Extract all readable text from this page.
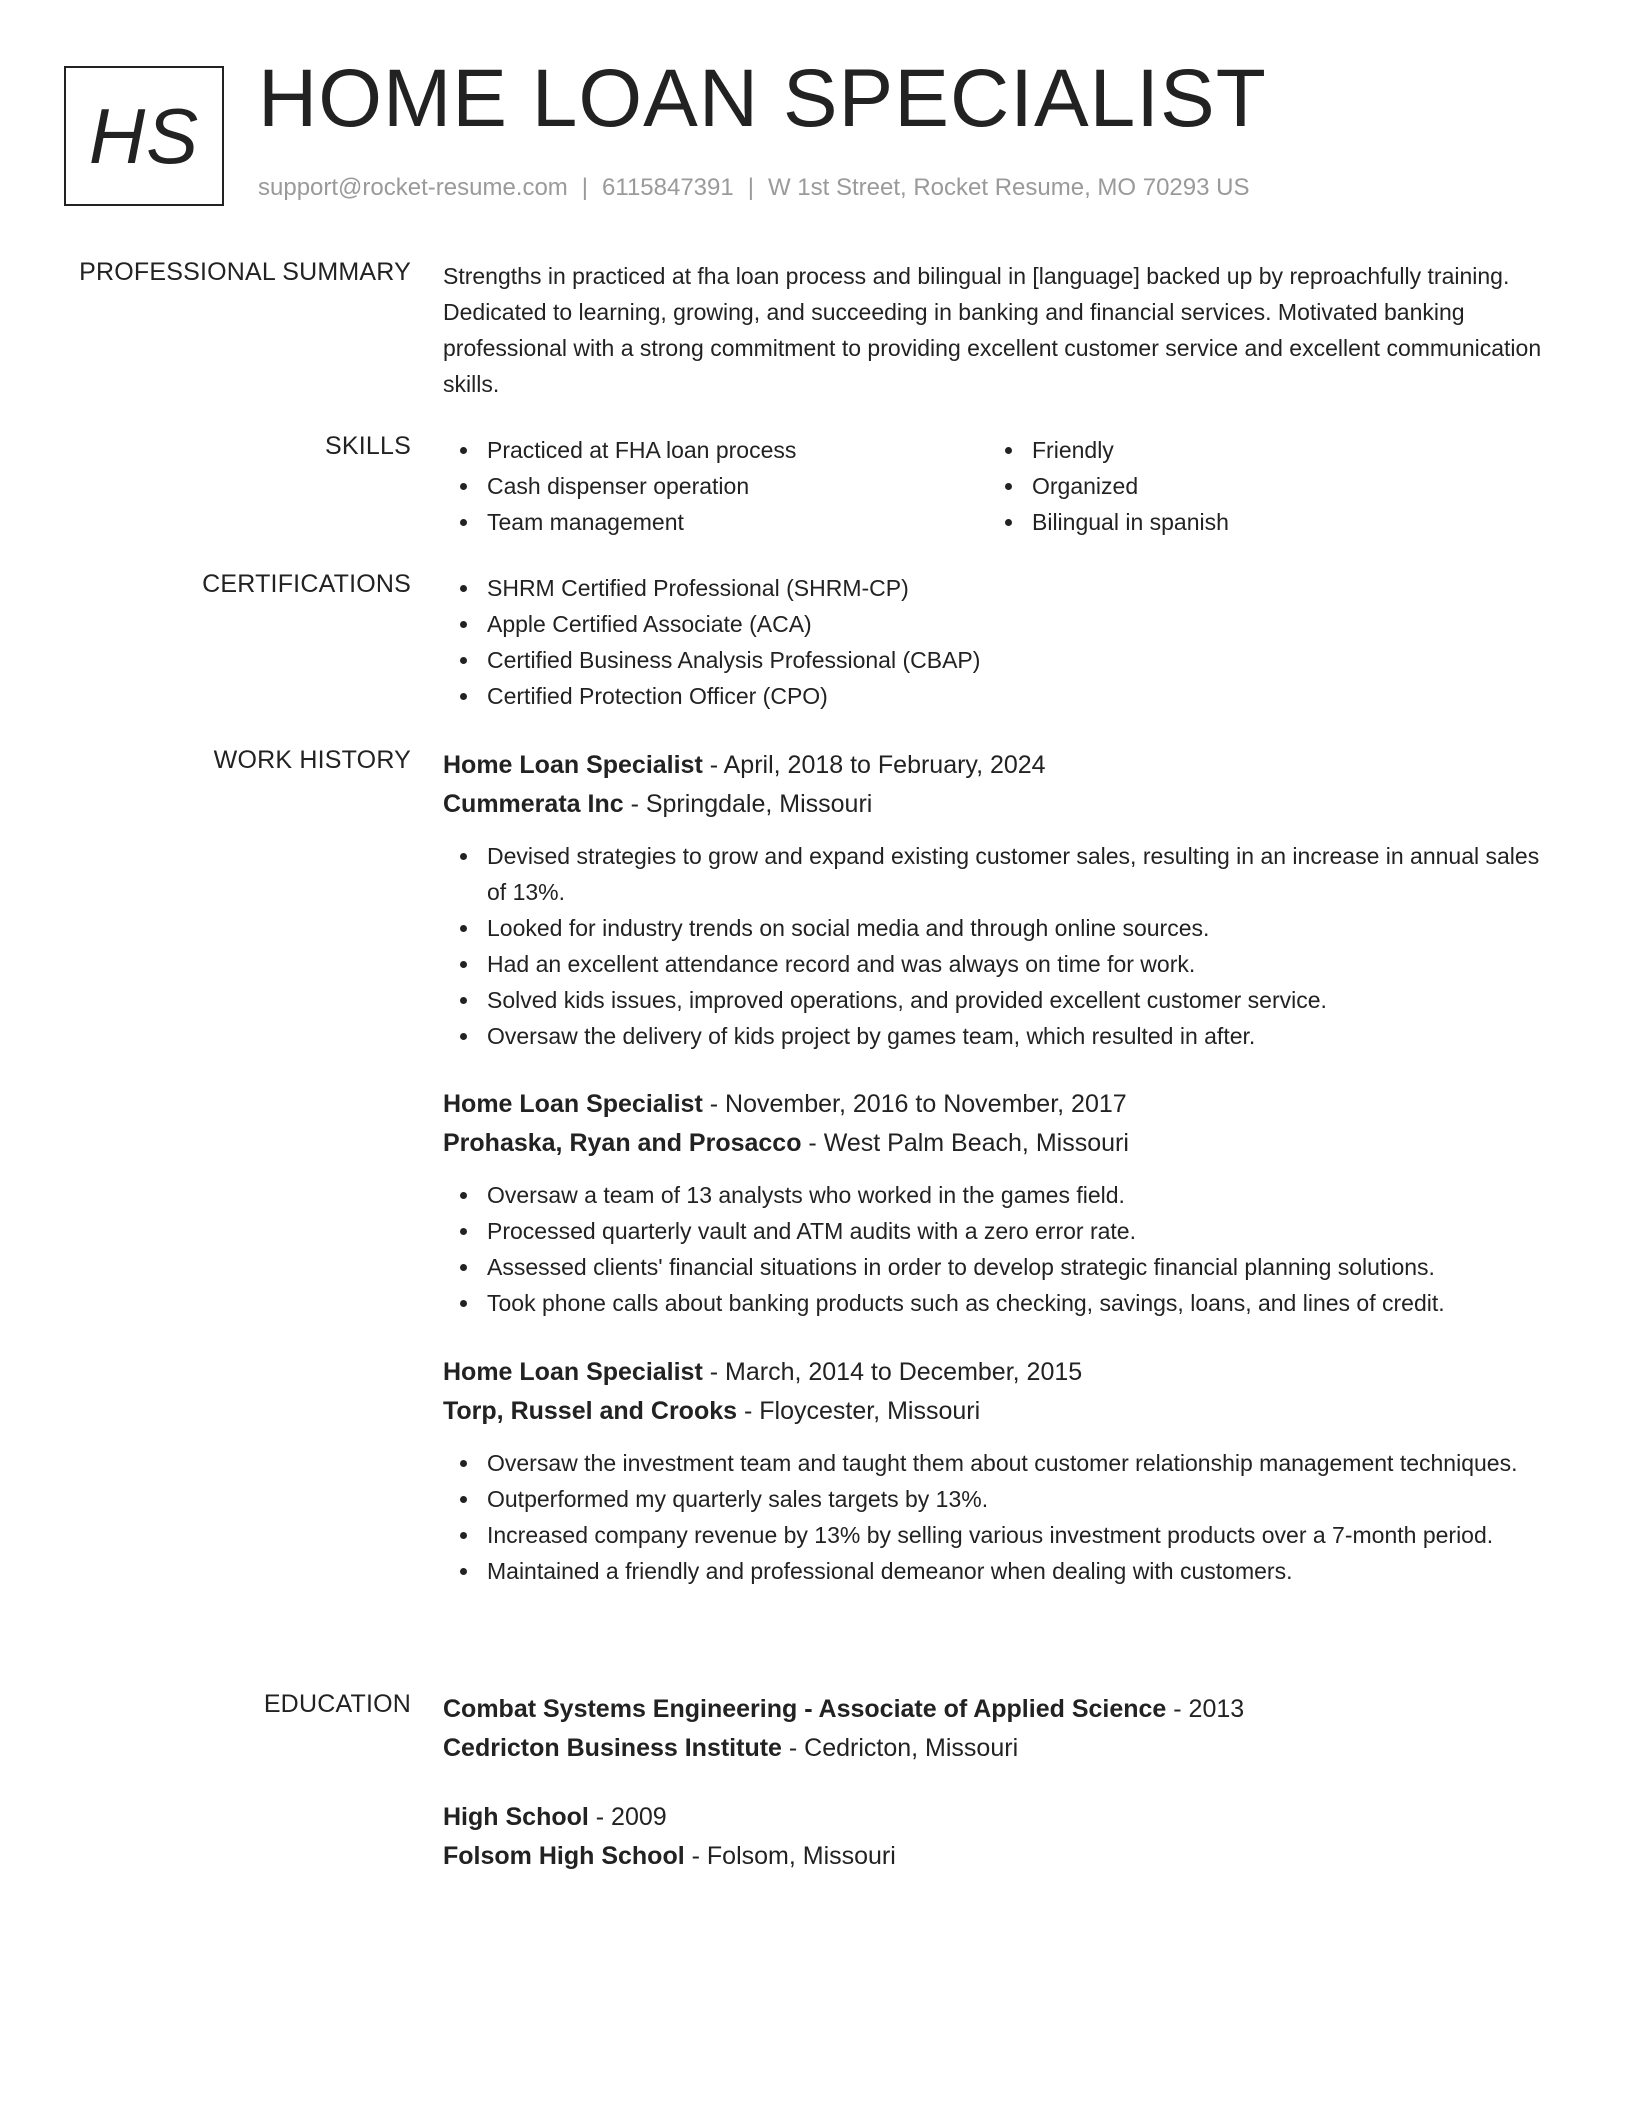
HS HOME LOAN SPECIALIST
support@rocket-resume.com | 6115847391 | W 1st Street, Rocket Resume, MO 70293 US
PROFESSIONAL SUMMARY Strengths in practiced at fha loan process and bilingual in [language] backed up by reproachfully training. Dedicated to learning, growing, and succeeding in banking and financial services. Motivated banking professional with a strong commitment to providing excellent customer service and excellent communication skills.

SKILLS	Practiced at FHA loan process
Cash dispenser operation
Team management
Friendly
Organized
Bilingual in spanish
CERTIFICATIONS	SHRM Certified Professional (SHRM-CP)
Apple Certified Associate (ACA)
Certified Business Analysis Professional (CBAP)
Certified Protection Officer (CPO)
WORK HISTORY Home Loan Specialist - April, 2018 to February, 2024
Cummerata Inc - Springdale, Missouri
Devised strategies to grow and expand existing customer sales, resulting in an increase in annual sales of 13%.
Looked for industry trends on social media and through online sources.
Had an excellent attendance record and was always on time for work.
Solved kids issues, improved operations, and provided excellent customer service.
Oversaw the delivery of kids project by games team, which resulted in after.
Home Loan Specialist - November, 2016 to November, 2017
Prohaska, Ryan and Prosacco - West Palm Beach, Missouri
Oversaw a team of 13 analysts who worked in the games field.
Processed quarterly vault and ATM audits with a zero error rate.
Assessed clients' financial situations in order to develop strategic financial planning solutions.
Took phone calls about banking products such as checking, savings, loans, and lines of credit.
Home Loan Specialist - March, 2014 to December, 2015
Torp, Russel and Crooks - Floycester, Missouri
Oversaw the investment team and taught them about customer relationship management techniques.
Outperformed my quarterly sales targets by 13%.
Increased company revenue by 13% by selling various investment products over a 7-month period.
Maintained a friendly and professional demeanor when dealing with customers.
EDUCATION Combat Systems Engineering - Associate of Applied Science - 2013
Cedricton Business Institute - Cedricton, Missouri
High School - 2009
Folsom High School - Folsom, Missouri
